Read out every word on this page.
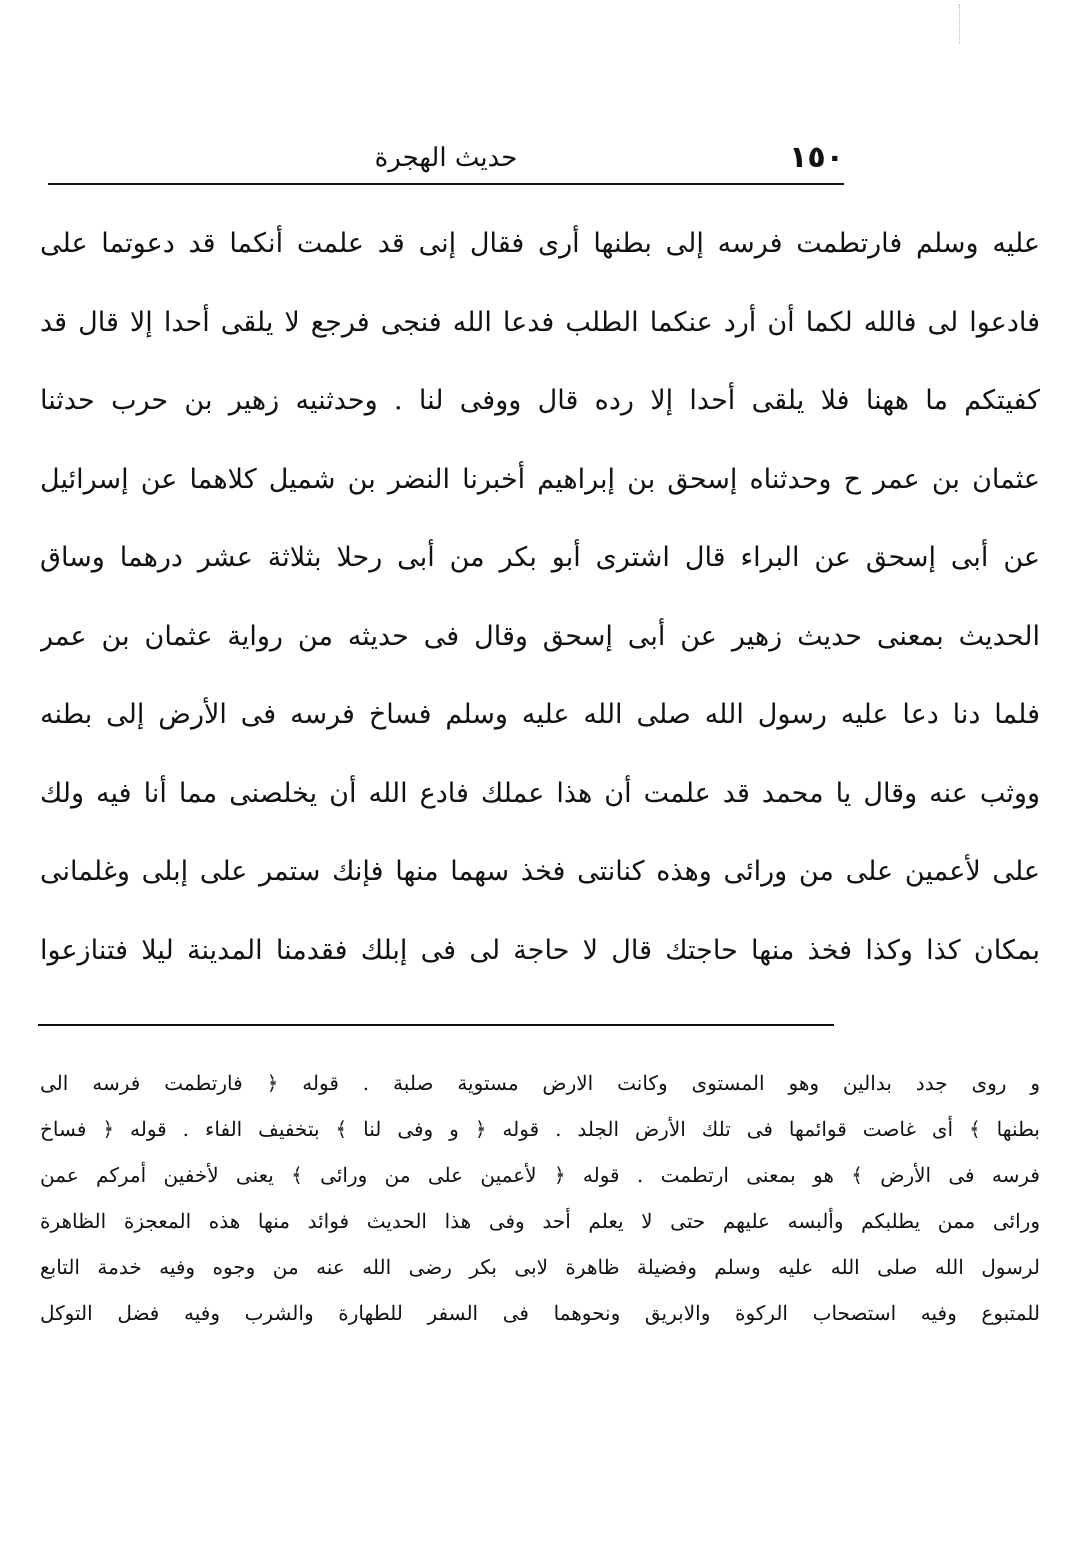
١٥٠
حديث الهجرة
عليه وسلم فارتطمت فرسه إلى بطنها أرى فقال إنى قد علمت أنكما قد دعوتما على
فادعوا لى فالله لكما أن أرد عنكما الطلب فدعا الله فنجى فرجع لا يلقى أحدا إلا قال قد
كفيتكم ما ههنا فلا يلقى أحدا إلا رده قال ووفى لنا . وحدثنيه زهير بن حرب حدثنا
عثمان بن عمر ح وحدثناه إسحق بن إبراهيم أخبرنا النضر بن شميل كلاهما عن إسرائيل
عن أبى إسحق عن البراء قال اشترى أبو بكر من أبى رحلا بثلاثة عشر درهما وساق
الحديث بمعنى حديث زهير عن أبى إسحق وقال فى حديثه من رواية عثمان بن عمر
فلما دنا دعا عليه رسول الله صلى الله عليه وسلم فساخ فرسه فى الأرض إلى بطنه
ووثب عنه وقال يا محمد قد علمت أن هذا عملك فادع الله أن يخلصنى مما أنا فيه ولك
على لأعمين على من ورائى وهذه كنانتى فخذ سهما منها فإنك ستمر على إبلى وغلمانى
بمكان كذا وكذا فخذ منها حاجتك قال لا حاجة لى فى إبلك فقدمنا المدينة ليلا فتنازعوا
و روى جدد بدالين وهو المستوى وكانت الارض مستوية صلبة . قوله ﴿ فارتطمت فرسه الى
بطنها ﴾ أى غاصت قوائمها فى تلك الأرض الجلد . قوله ﴿ و وفى لنا ﴾ بتخفيف الفاء . قوله ﴿ فساخ
فرسه فى الأرض ﴾ هو بمعنى ارتطمت . قوله ﴿ لأعمين على من ورائى ﴾ يعنى لأخفين أمركم عمن
ورائى ممن يطلبكم وألبسه عليهم حتى لا يعلم أحد وفى هذا الحديث فوائد منها هذه المعجزة الظاهرة
لرسول الله صلى الله عليه وسلم وفضيلة ظاهرة لابى بكر رضى الله عنه من وجوه وفيه خدمة التابع
للمتبوع وفيه استصحاب الركوة والابريق ونحوهما فى السفر للطهارة والشرب وفيه فضل التوكل
